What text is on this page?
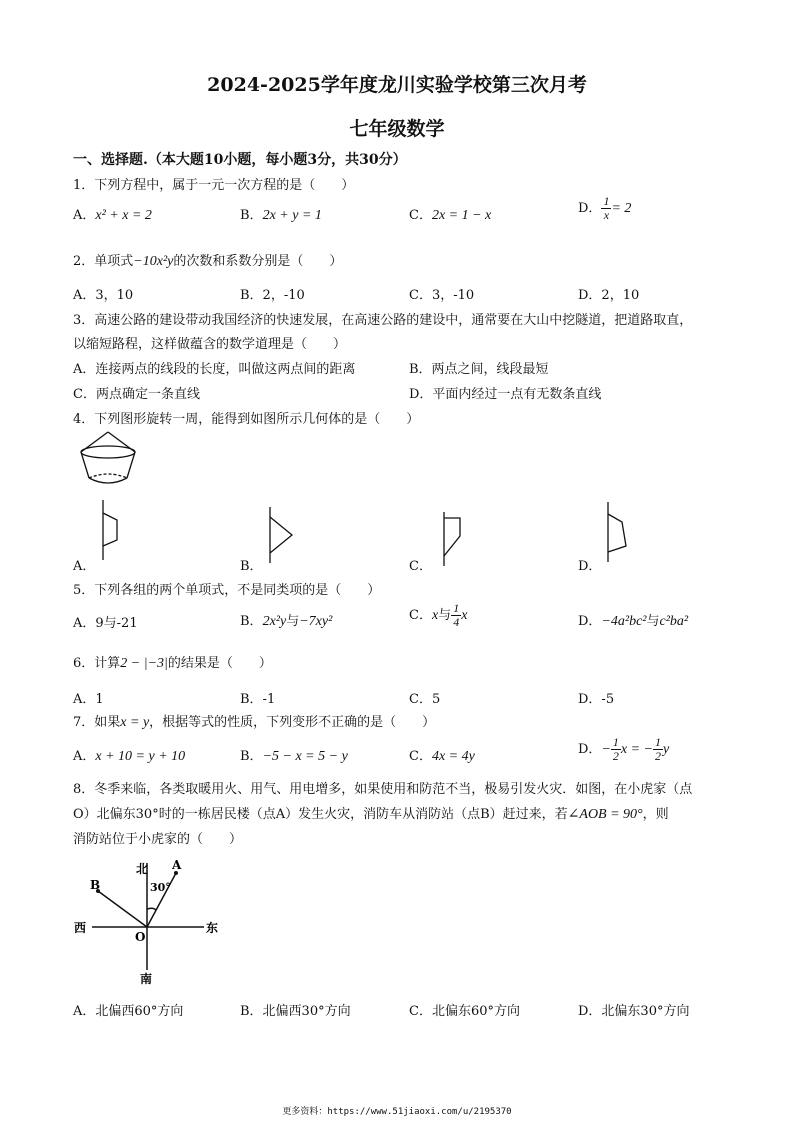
2024-2025学年度龙川实验学校第三次月考
七年级数学
一、选择题.（本大题10小题，每小题3分，共30分）
1．下列方程中，属于一元一次方程的是（　　）
A．x² + x = 2	B．2x + y = 1	C．2x = 1 − x	D． $\frac{1}{x} = 2$
2．单项式−10x²y的次数和系数分别是（　　）
A．3，10	B．2，-10	C．3，-10	D．2，10
3．高速公路的建设带动我国经济的快速发展，在高速公路的建设中，通常要在大山中挖隧道，把道路取直，
以缩短路程，这样做蕴含的数学道理是（　　）
A．连接两点的线段的长度，叫做这两点间的距离	B．两点之间，线段最短
C．两点确定一条直线	D．平面内经过一点有无数条直线
4．下列图形旋转一周，能得到如图所示几何体的是（　　）
A．	B．	C．	D．
5．下列各组的两个单项式，不是同类项的是（　　）
A．9与-21	B．2x²y与−7xy²	C．x与 $\frac{1}{4}$ x	D．−4a²bc²与c²ba²
6．计算2 − |−3|的结果是（　　）
A．1	B．-1	C．5	D．-5
7．如果x = y，根据等式的性质，下列变形不正确的是（　　）
A．x + 10 = y + 10	B．−5 − x = 5 − y	C．4x = 4y	D．− $\frac{1}{2}$ x = − $\frac{1}{2}$ y
8．冬季来临，各类取暖用火、用气、用电增多，如果使用和防范不当，极易引发火灾．如图，在小虎家（点
O）北偏东30°时的一栋居民楼（点A）发生火灾，消防车从消防站（点B）赶过来，若∠AOB = 90°，则
消防站位于小虎家的（　　）
北
南
东
西
A
B
O
30°
A．北偏西60°方向	B．北偏西30°方向	C．北偏东60°方向	D．北偏东30°方向
更多资料：https://www.51jiaoxi.com/u/2195370
